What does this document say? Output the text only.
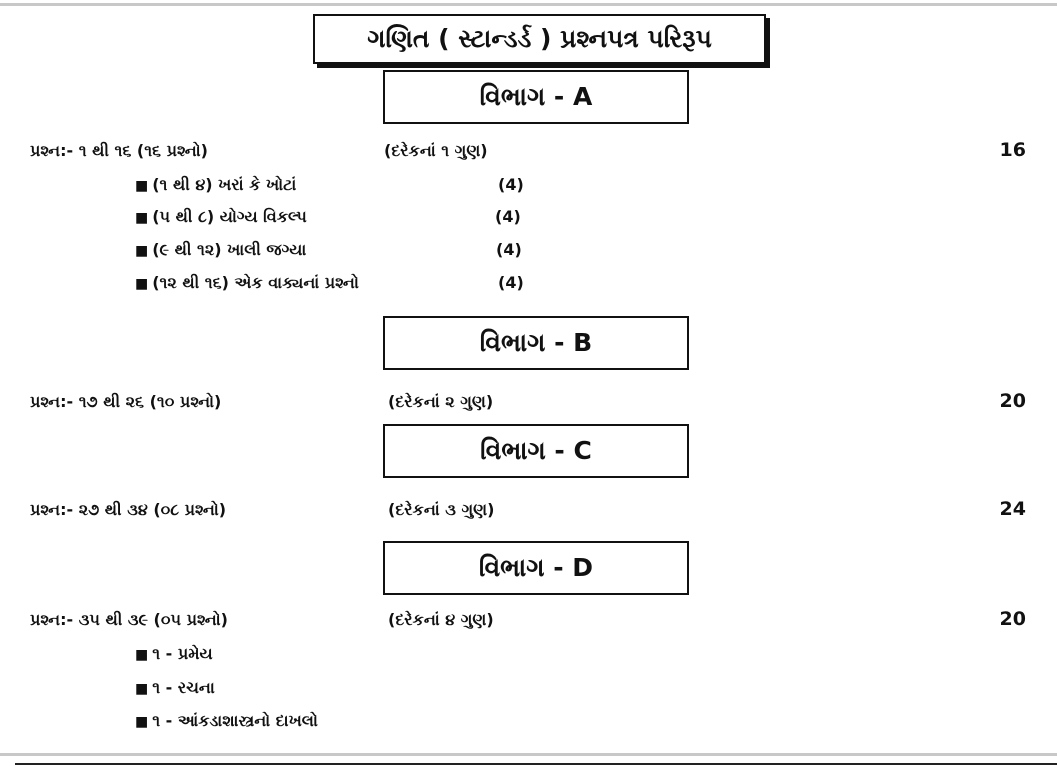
ગણિત ( સ્ટાન્ડર્ડ ) પ્રશ્નપત્ર પરિરૂપ
વિભાગ - A
પ્રશ્ન:- ૧ થી ૧૬ (૧૬ પ્રશ્નો)	(દરેકનાં ૧ ગુણ)	16
■ (૧ થી ૪) ખરાં કે ખોટાં	(4)
■ (૫ થી ૮) યોગ્ય વિકલ્પ	(4)
■ (૯ થી ૧૨) ખાલી જગ્યા	(4)
■ (૧૨ થી ૧૬) એક વાક્યનાં પ્રશ્નો	(4)
વિભાગ - B
પ્રશ્ન:- ૧૭ થી ૨૬ (૧૦ પ્રશ્નો)	(દરેકનાં ૨ ગુણ)	20
વિભાગ - C
પ્રશ્ન:- ૨૭ થી ૩૪ (૦૮ પ્રશ્નો)	(દરેકનાં ૩ ગુણ)	24
વિભાગ - D
પ્રશ્ન:- ૩૫ થી ૩૯ (૦૫ પ્રશ્નો)	(દરેકનાં ૪ ગુણ)	20
■ ૧ - પ્રમેય
■ ૧ - રચના
■ ૧ - આંકડાશાસ્ત્રનો દાખલો
